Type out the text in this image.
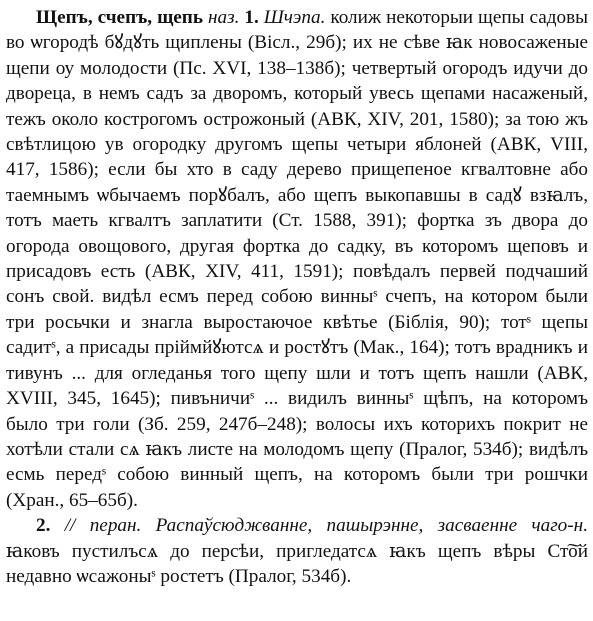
Щепъ, счепъ, щепь наз. 1. Шчэпа. колиж некоторыи щепы садовы во ѡгородѣ бꙋдꙋть щиплены (Вісл., 29б); их не сѣве ꙗк новосаженые щепи оу молодости (Пс. XVI, 138–138б); четвертый огородъ идучи до двореца, в немъ садъ за дворомъ, который увесь щепами насаженый, тежъ около кострогомъ острожоный (АВК, XIV, 201, 1580); за тою жъ свѣтлицою ув огородку другомъ щепы четыри яблоней (АВК, VIII, 417, 1586); если бы хто в саду дерево прищепеное кгвалтовне або таемнымъ ѡбычаемъ порꙋбалъ, або щепъ выкопавшы в садꙋ взꙗлъ, тотъ маеть кгвалтъ заплатити (Ст. 1588, 391); фортка зъ двора до огорода овощового, другая фортка до садку, въ которомъ щеповъ и присадовъ есть (АВК, XIV, 411, 1591); повѣдалъ первей подчаший сонъ свой. видѣл есмъ перед собою винныˢ счепъ, на котором были три росьчки и знагла выростаючое квѣтье (Біблія, 90); тотˢ щепы садитˢ, а присады пріймйꙋютсѧ и ростꙋтъ (Мак., 164); тотъ врадникъ и тивунъ ... для огледанья того щепу шли и тотъ щепъ нашли (АВК, XVIII, 345, 1645); пивъничиˢ ... видилъ винныˢ щѣпъ, на которомъ было три голи (Зб. 259, 247б–248); волосы ихъ которихъ покрит не хотѣли стали сѧ ꙗкъ листе на молодомъ щепу (Пралог, 534б); видѣлъ есмь передˢ собою винный щепъ, на которомъ были три рошчки (Хран., 65–65б).

2. // перан. Распаўсюджванне, пашырэнне, засваенне чаго-н. ꙗковъ пустилъсѧ до персѣи, пригледатсѧ ꙗкъ щепъ вѣры Ст͠ой недавно ѡсажоныˢ ростетъ (Пралог, 534б).
